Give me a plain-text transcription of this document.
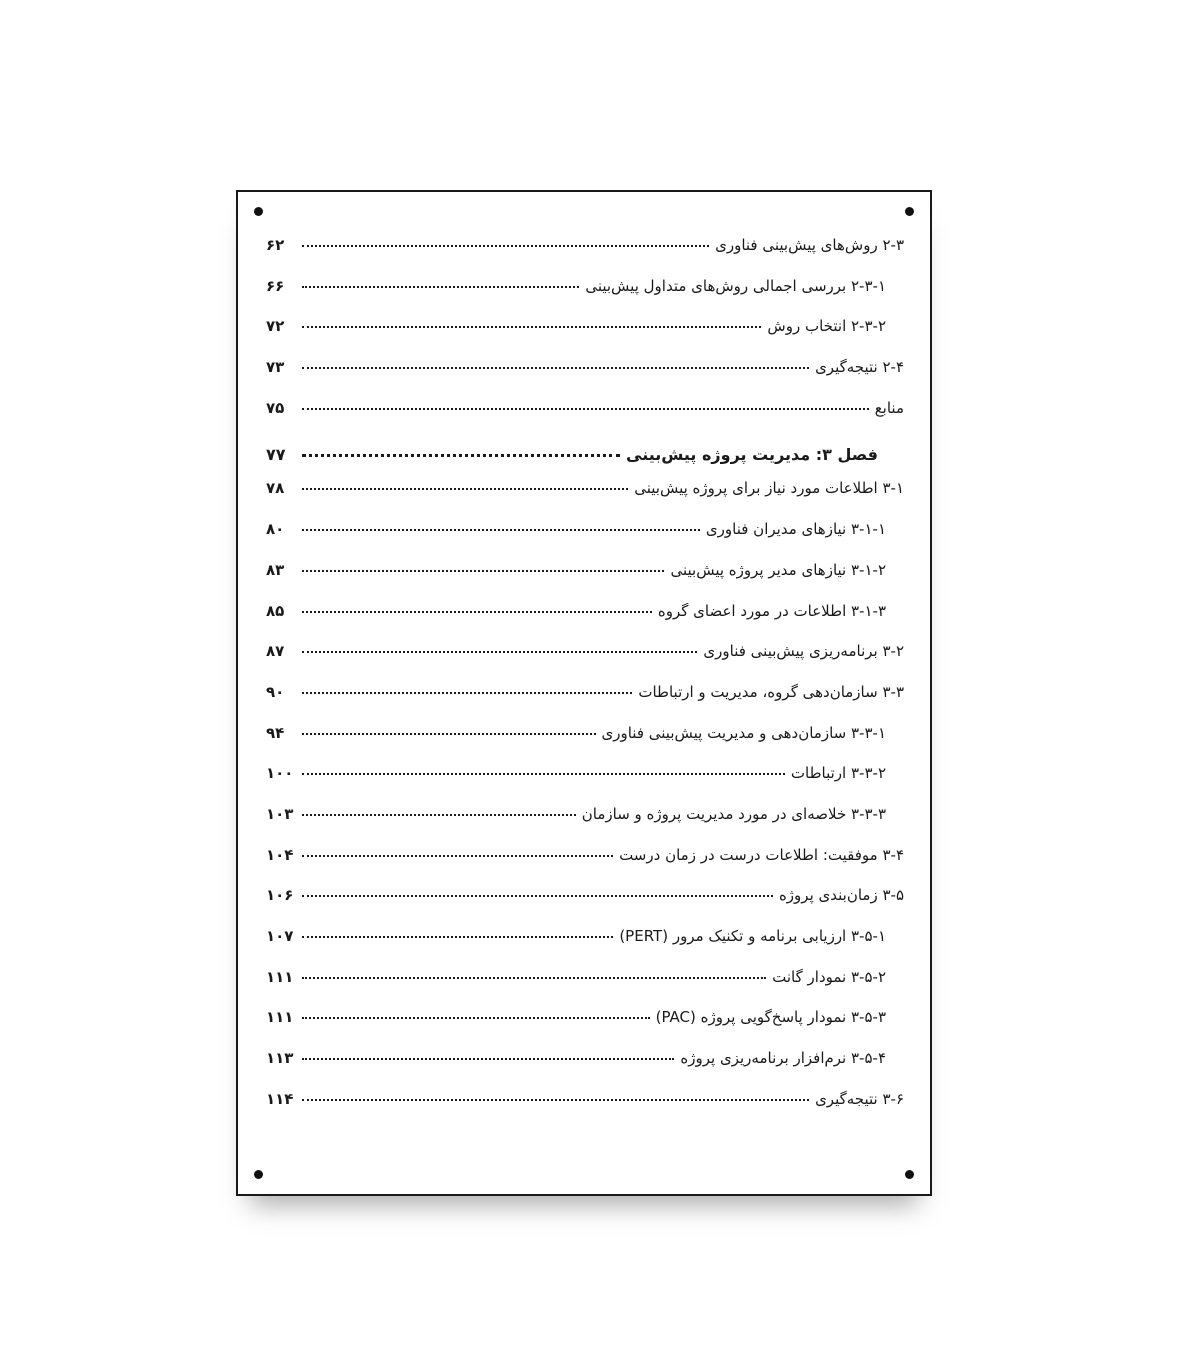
۲-۳ روش‌های پیش‌بینی فناوری
۶۲
۲-۳-۱ بررسی اجمالی روش‌های متداول پیش‌بینی
۶۶
۲-۳-۲ انتخاب روش
۷۲
۲-۴ نتیجه‌گیری
۷۳
منابع
۷۵
فصل ۳: مدیریت پروژه پیش‌بینی
۷۷
۳-۱ اطلاعات مورد نیاز برای پروژه پیش‌بینی
۷۸
۳-۱-۱ نیازهای مدیران فناوری
۸۰
۳-۱-۲ نیازهای مدیر پروژه پیش‌بینی
۸۳
۳-۱-۳ اطلاعات در مورد اعضای گروه
۸۵
۳-۲ برنامه‌ریزی پیش‌بینی فناوری
۸۷
۳-۳ سازمان‌دهی گروه، مدیریت و ارتباطات
۹۰
۳-۳-۱ سازمان‌دهی و مدیریت پیش‌بینی فناوری
۹۴
۳-۳-۲ ارتباطات
۱۰۰
۳-۳-۳ خلاصه‌ای در مورد مدیریت پروژه و سازمان
۱۰۳
۳-۴ موفقیت: اطلاعات درست در زمان درست
۱۰۴
۳-۵ زمان‌بندی پروژه
۱۰۶
۳-۵-۱ ارزیابی برنامه و تکنیک مرور (PERT)
۱۰۷
۳-۵-۲ نمودار گانت
۱۱۱
۳-۵-۳ نمودار پاسخ‌گویی پروژه (PAC)
۱۱۱
۳-۵-۴ نرم‌افزار برنامه‌ریزی پروژه
۱۱۳
۳-۶ نتیجه‌گیری
۱۱۴
